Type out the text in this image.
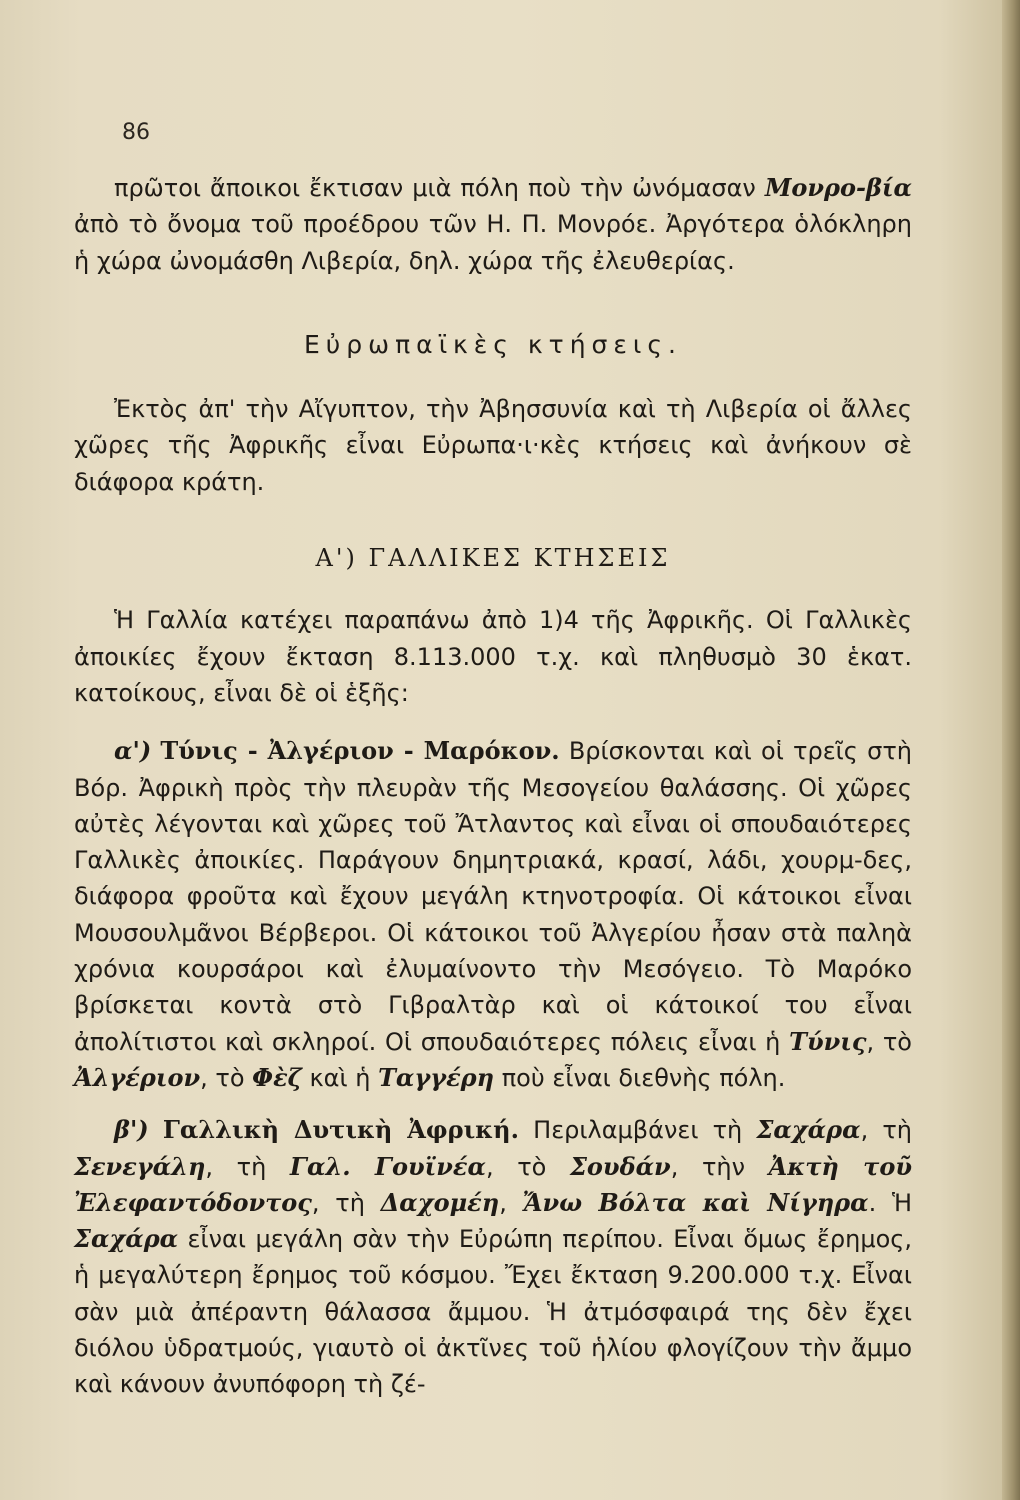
86

πρῶτοι ἄποικοι ἔκτισαν μιὰ πόλη ποὺ τὴν ὠνόμασαν Μονρο-βία ἀπὸ τὸ ὄνομα τοῦ προέδρου τῶν Η. Π. Μονρόε. Ἀργότερα ὁλόκληρη ἡ χώρα ὠνομάσθη Λιβερία, δηλ. χώρα τῆς ἐλευθερίας.

Εὐρωπαϊκὲς κτήσεις.

Ἐκτὸς ἀπ' τὴν Αἴγυπτον, τὴν Ἀβησσυνία καὶ τὴ Λιβερία οἱ ἄλλες χῶρες τῆς Ἀφρικῆς εἶναι Εὐρωπα·ι·κὲς κτήσεις καὶ ἀνήκουν σὲ διάφορα κράτη.

Α') ΓΑΛΛΙΚΕΣ ΚΤΗΣΕΙΣ

Ἡ Γαλλία κατέχει παραπάνω ἀπὸ 1)4 τῆς Ἀφρικῆς. Οἱ Γαλλικὲς ἀποικίες ἔχουν ἔκταση 8.113.000 τ.χ. καὶ πληθυσμὸ 30 ἑκατ. κατοίκους, εἶναι δὲ οἱ ἑξῆς:

α') Τύνις - Ἀλγέριον - Μαρόκον. Βρίσκονται καὶ οἱ τρεῖς στὴ Βόρ. Ἀφρικὴ πρὸς τὴν πλευρὰν τῆς Μεσογείου θαλάσσης. Οἱ χῶρες αὐτὲς λέγονται καὶ χῶρες τοῦ Ἄτλαντος καὶ εἶναι οἱ σπουδαιότερες Γαλλικὲς ἀποικίες. Παράγουν δημητριακά, κρασί, λάδι, χουρμ-δες, διάφορα φροῦτα καὶ ἔχουν μεγάλη κτηνοτροφία. Οἱ κάτοικοι εἶναι Μουσουλμᾶνοι Βέρβεροι. Οἱ κάτοικοι τοῦ Ἀλγερίου ἦσαν στὰ παληὰ χρόνια κουρσάροι καὶ ἐλυμαίνοντο τὴν Μεσόγειο. Τὸ Μαρόκο βρίσκεται κοντὰ στὸ Γιβραλτὰρ καὶ οἱ κάτοικοί του εἶναι ἀπολίτιστοι καὶ σκληροί. Οἱ σπουδαιότερες πόλεις εἶναι ἡ Τύνις, τὸ Ἀλγέριον, τὸ Φὲζ καὶ ἡ Ταγγέρη ποὺ εἶναι διεθνὴς πόλη.

β') Γαλλικὴ Δυτικὴ Ἀφρική. Περιλαμβάνει τὴ Σαχάρα, τὴ Σενεγάλη, τὴ Γαλ. Γουϊνέα, τὸ Σουδάν, τὴν Ἀκτὴ τοῦ Ἐλεφαντόδοντος, τὴ Δαχομέη, Ἄνω Βόλτα καὶ Νίγηρα. Ἡ Σαχάρα εἶναι μεγάλη σὰν τὴν Εὐρώπη περίπου. Εἶναι ὅμως ἔρημος, ἡ μεγαλύτερη ἔρημος τοῦ κόσμου. Ἔχει ἔκταση 9.200.000 τ.χ. Εἶναι σὰν μιὰ ἀπέραντη θάλασσα ἄμμου. Ἡ ἀτμόσφαιρά της δὲν ἔχει διόλου ὑδρατμούς, γιαυτὸ οἱ ἀκτῖνες τοῦ ἡλίου φλογίζουν τὴν ἄμμο καὶ κάνουν ἀνυπόφορη τὴ ζέ-
